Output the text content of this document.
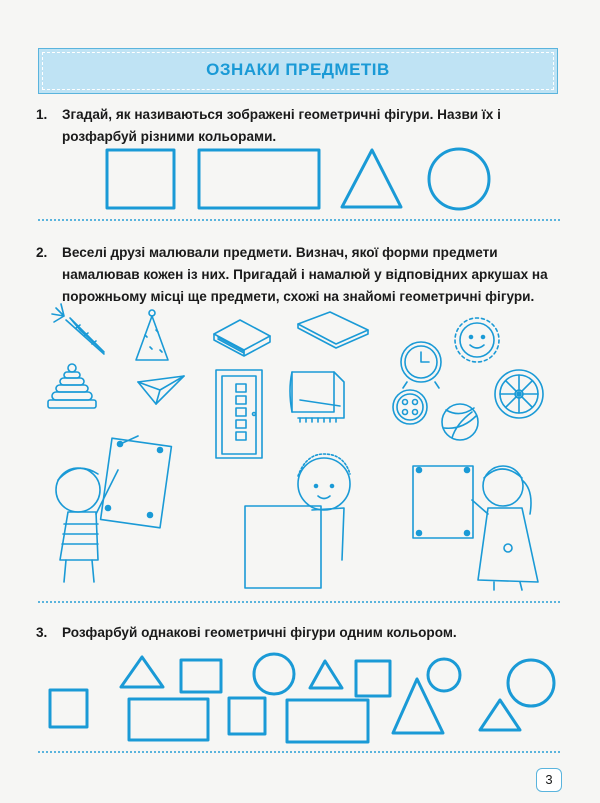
ОЗНАКИ ПРЕДМЕТІВ
1. Згадай, як називаються зображені геометричні фігури. Назви їх і розфарбуй різними кольорами.
2. Веселі друзі малювали предмети. Визнач, якої форми предмети намалював кожен із них. Пригадай і намалюй у відповідних аркушах на порожньому місці ще предмети, схожі на знайомі геометричні фігури.
3. Розфарбуй однакові геометричні фігури одним кольором.
3
